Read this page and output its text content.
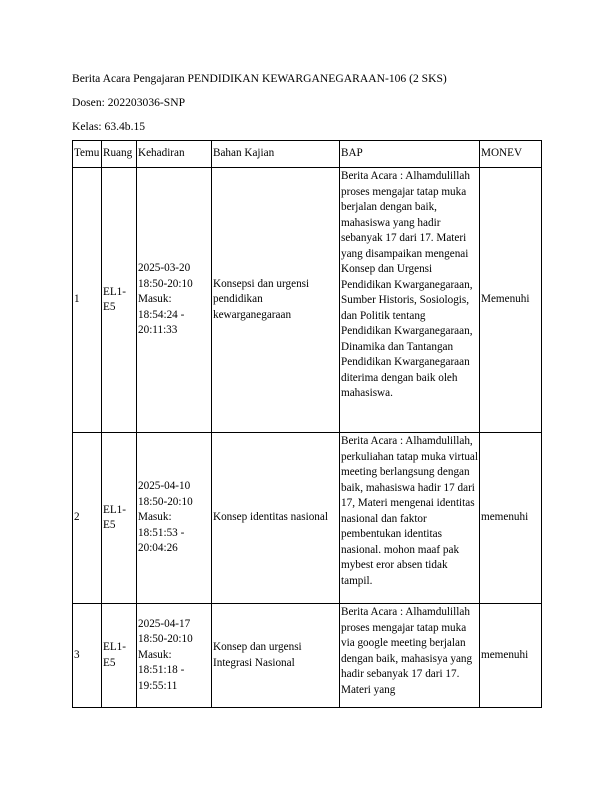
Berita Acara Pengajaran PENDIDIKAN KEWARGANEGARAAN-106 (2 SKS)
Dosen: 202203036-SNP
Kelas: 63.4b.15
Temu	Ruang	Kehadiran	Bahan Kajian	BAP	MONEV
1	EL1-E5	2025-03-20 18:50-20:10 Masuk: 18:54:24 - 20:11:33	Konsepsi dan urgensi pendidikan kewarganegaraan	Berita Acara : Alhamdulillah proses mengajar tatap muka berjalan dengan baik, mahasiswa yang hadir sebanyak 17 dari 17. Materi yang disampaikan mengenai Konsep dan Urgensi Pendidikan Kwarganegaraan, Sumber Historis, Sosiologis, dan Politik tentang Pendidikan Kwarganegaraan, Dinamika dan Tantangan Pendidikan Kwarganegaraan diterima dengan baik oleh mahasiswa.	Memenuhi
2	EL1-E5	2025-04-10 18:50-20:10 Masuk: 18:51:53 - 20:04:26	Konsep identitas nasional	Berita Acara : Alhamdulillah, perkuliahan tatap muka virtual meeting berlangsung dengan baik, mahasiswa hadir 17 dari 17, Materi mengenai identitas nasional dan faktor pembentukan identitas nasional. mohon maaf pak mybest eror absen tidak tampil.	memenuhi
3	EL1-E5	2025-04-17 18:50-20:10 Masuk: 18:51:18 - 19:55:11	Konsep dan urgensi Integrasi Nasional	Berita Acara : Alhamdulillah proses mengajar tatap muka via google meeting berjalan dengan baik, mahasisya yang hadir sebanyak 17 dari 17. Materi yang	memenuhi
